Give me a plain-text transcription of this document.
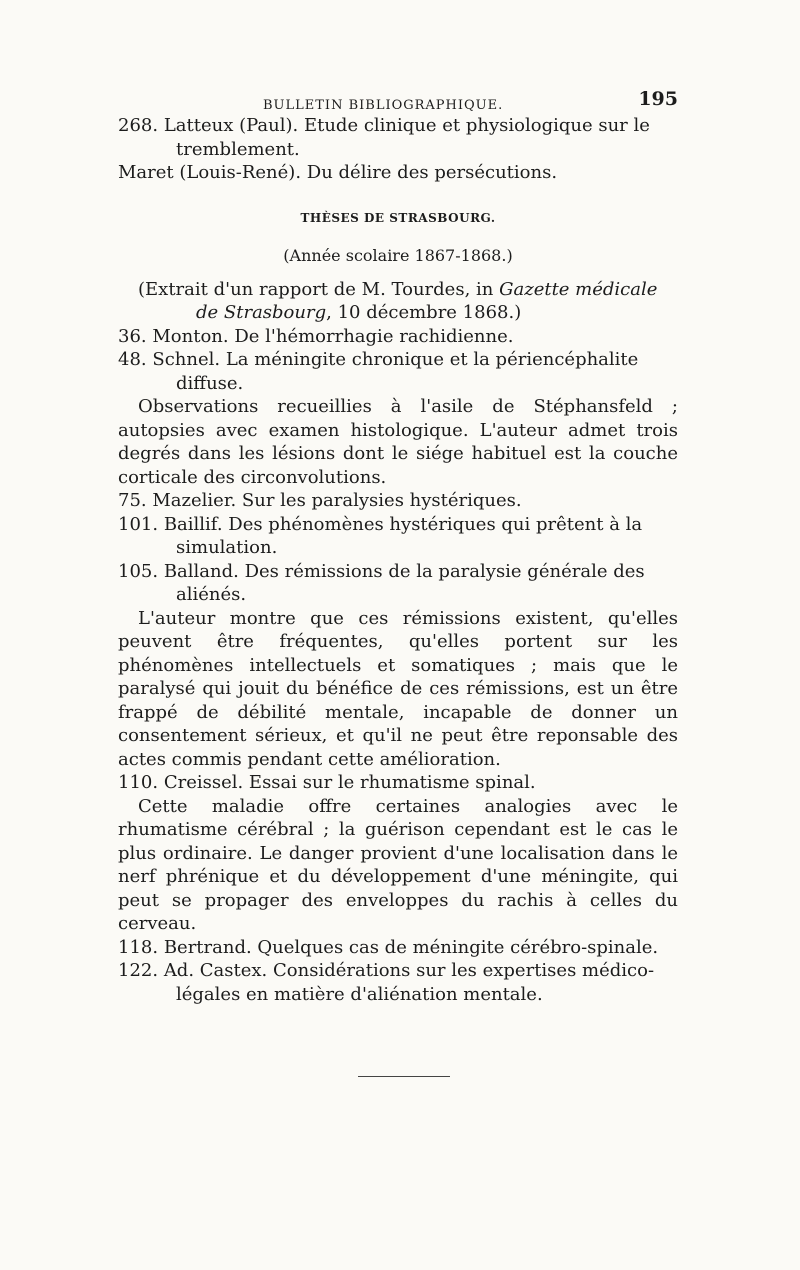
BULLETIN BIBLIOGRAPHIQUE.	195

268. Latteux (Paul). Etude clinique et physiologique sur le tremblement.

Maret (Louis-René). Du délire des persécutions.

THÈSES DE STRASBOURG.
(Année scolaire 1867-1868.)

(Extrait d'un rapport de M. Tourdes, in Gazette médicale de Strasbourg, 10 décembre 1868.)

36. Monton. De l'hémorrhagie rachidienne.

48. Schnel. La méningite chronique et la périencéphalite diffuse.

Observations recueillies à l'asile de Stéphansfeld ; autopsies avec examen histologique. L'auteur admet trois degrés dans les lésions dont le siége habituel est la couche corticale des circonvolutions.

75. Mazelier. Sur les paralysies hystériques.

101. Baillif. Des phénomènes hystériques qui prêtent à la simulation.

105. Balland. Des rémissions de la paralysie générale des aliénés.

L'auteur montre que ces rémissions existent, qu'elles peuvent être fréquentes, qu'elles portent sur les phénomènes intellectuels et somatiques ; mais que le paralysé qui jouit du bénéfice de ces rémissions, est un être frappé de débilité mentale, incapable de donner un consentement sérieux, et qu'il ne peut être reponsable des actes commis pendant cette amélioration.

110. Creissel. Essai sur le rhumatisme spinal.

Cette maladie offre certaines analogies avec le rhumatisme cérébral ; la guérison cependant est le cas le plus ordinaire. Le danger provient d'une localisation dans le nerf phrénique et du développement d'une méningite, qui peut se propager des enveloppes du rachis à celles du cerveau.

118. Bertrand. Quelques cas de méningite cérébro-spinale.

122. Ad. Castex. Considérations sur les expertises médico-légales en matière d'aliénation mentale.
